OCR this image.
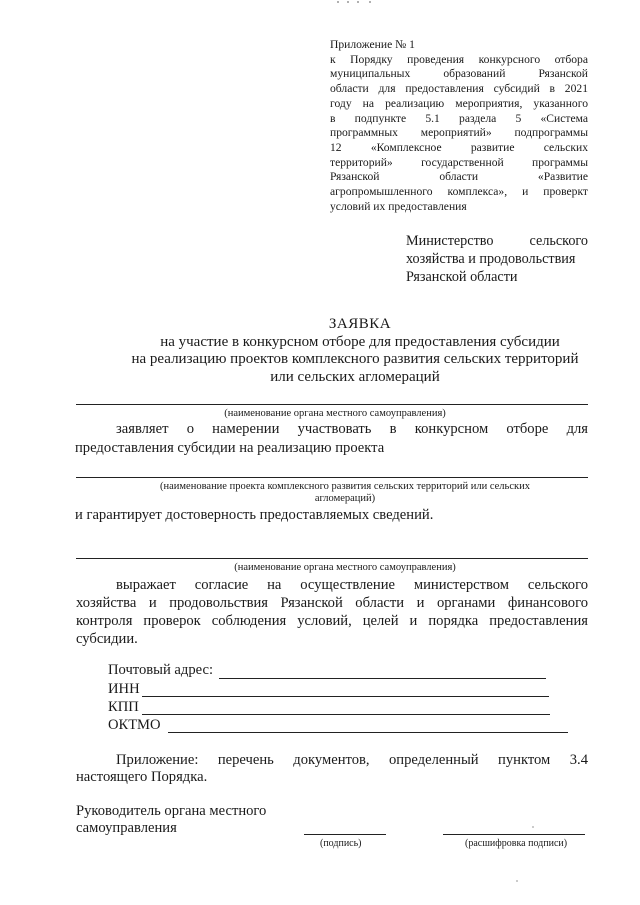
Приложение № 1
к Порядку проведения конкурсного отбора
муниципальных образований Рязанской
области для предоставления субсидий в 2021
году на реализацию мероприятия, указанного
в подпункте 5.1 раздела 5 «Система
программных мероприятий» подпрограммы
12 «Комплексное развитие сельских
территорий» государственной программы
Рязанской области «Развитие
агропромышленного комплекса», и проверкт
условий их предоставления
Министерство сельского
хозяйства и продовольствия
Рязанской области
ЗАЯВКА
на участие в конкурсном отборе для предоставления субсидии
на реализацию проектов комплексного развития сельских территорий
или сельских агломераций
(наименование органа местного самоуправления)
заявляет о намерении участвовать в конкурсном отборе для
предоставления субсидии на реализацию проекта
(наименование проекта комплексного развития сельских территорий или сельских
агломераций)
и гарантирует достоверность предоставляемых сведений.
(наименование органа местного самоуправления)
выражает согласие на осуществление министерством сельского
хозяйства и продовольствия Рязанской области и органами финансового
контроля проверок соблюдения условий, целей и порядка предоставления
субсидии.
Почтовый адрес:
ИНН
КПП
ОКТМО
Приложение: перечень документов, определенный пунктом 3.4
настоящего Порядка.
Руководитель органа местного
самоуправления
(подпись)	(расшифровка подписи)
